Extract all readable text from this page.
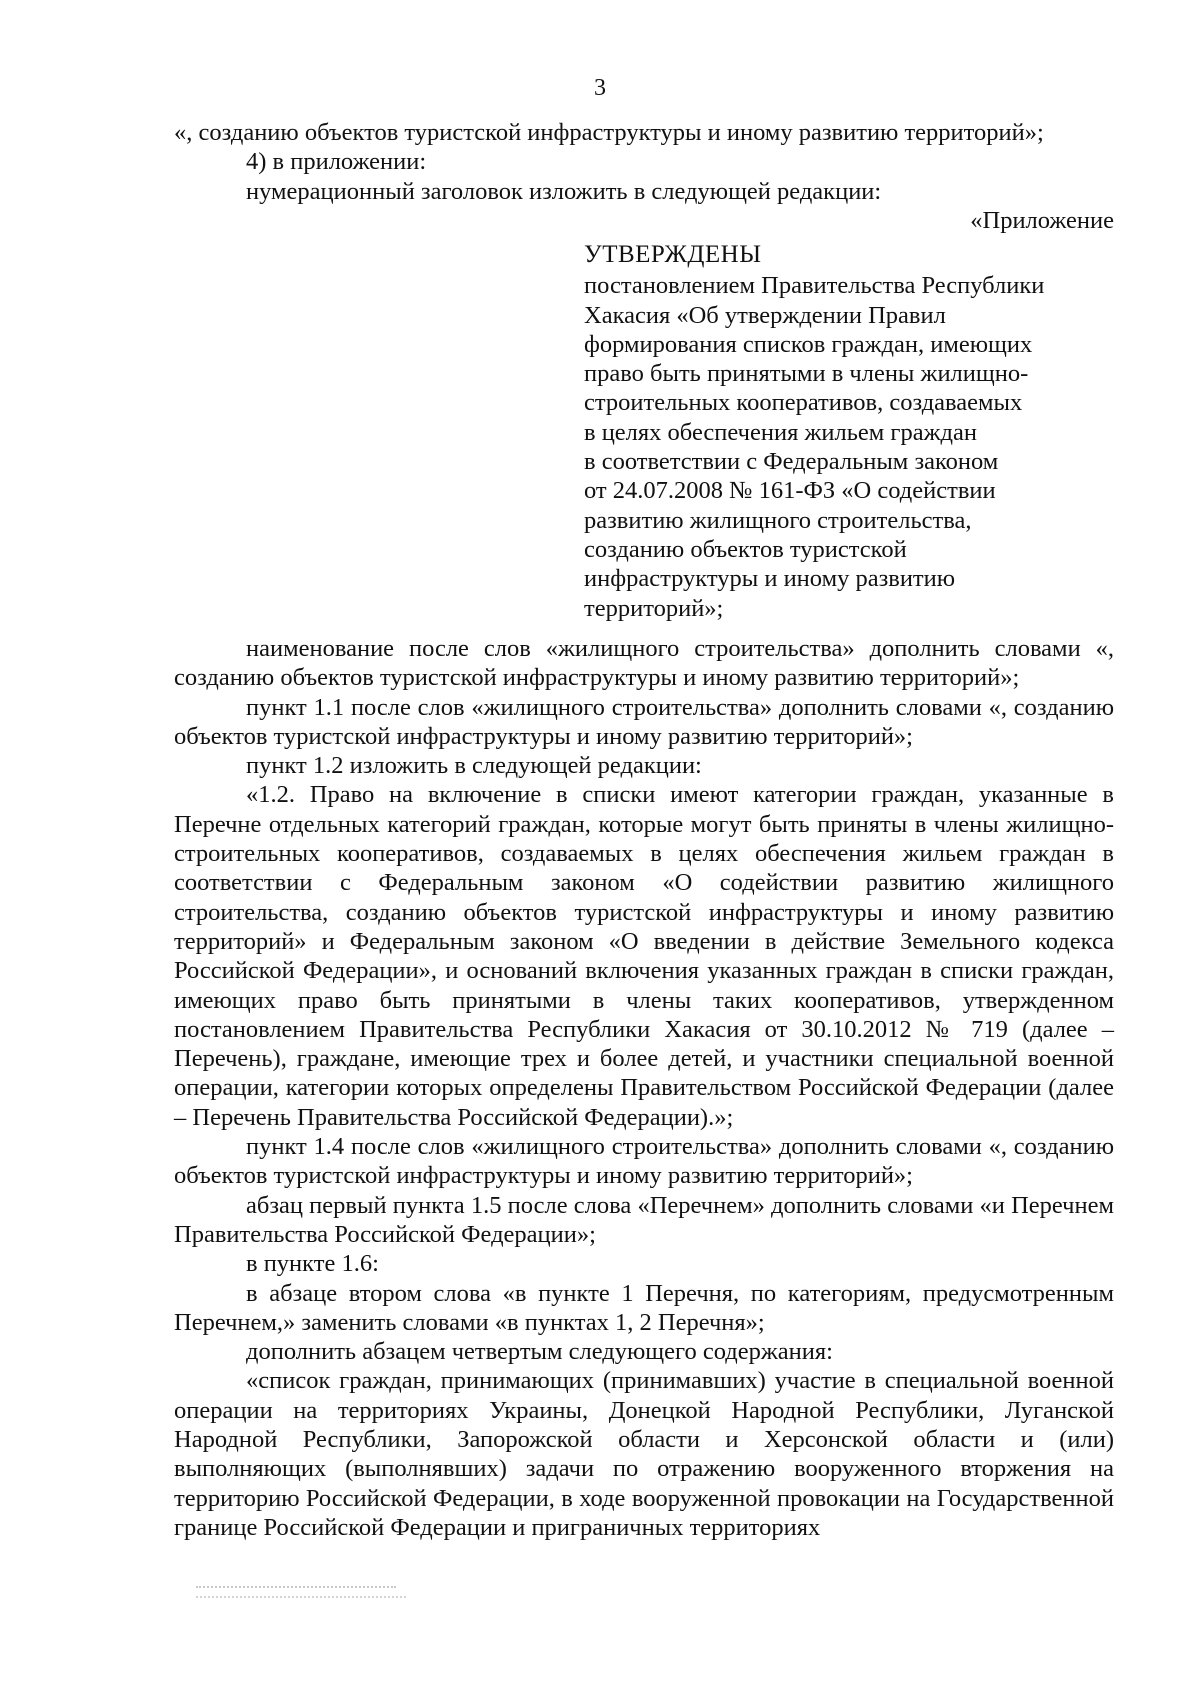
3

«, созданию объектов туристской инфраструктуры и иному развитию территорий»;

4) в приложении:

нумерационный заголовок изложить в следующей редакции:

«Приложение

УТВЕРЖДЕНЫ

постановлением Правительства Республики

Хакасия «Об утверждении Правил

формирования списков граждан, имеющих

право быть принятыми в члены жилищно-

строительных кооперативов, создаваемых

в целях обеспечения жильем граждан

в соответствии с Федеральным законом

от 24.07.2008 № 161-ФЗ «О содействии

развитию жилищного строительства,

созданию объектов туристской

инфраструктуры и иному развитию

территорий»;

наименование после слов «жилищного строительства» дополнить словами «, созданию объектов туристской инфраструктуры и иному развитию территорий»;

пункт 1.1 после слов «жилищного строительства» дополнить словами «, созданию объектов туристской инфраструктуры и иному развитию территорий»;

пункт 1.2 изложить в следующей редакции:

«1.2. Право на включение в списки имеют категории граждан, указанные в Перечне отдельных категорий граждан, которые могут быть приняты в члены жилищно-строительных кооперативов, создаваемых в целях обеспечения жильем граждан в соответствии с Федеральным законом «О содействии развитию жилищного строительства, созданию объектов туристской инфраструктуры и иному развитию территорий» и Федеральным законом «О введении в действие Земельного кодекса Российской Федерации», и оснований включения указанных граждан в списки граждан, имеющих право быть принятыми в члены таких кооперативов, утвержденном постановлением Правительства Республики Хакасия от 30.10.2012 № 719 (далее – Перечень), граждане, имеющие трех и более детей, и участники специальной военной операции, категории которых определены Правительством Российской Федерации (далее – Перечень Правительства Российской Федерации).»;

пункт 1.4 после слов «жилищного строительства» дополнить словами «, созданию объектов туристской инфраструктуры и иному развитию территорий»;

абзац первый пункта 1.5 после слова «Перечнем» дополнить словами «и Перечнем Правительства Российской Федерации»;

в пункте 1.6:

в абзаце втором слова «в пункте 1 Перечня, по категориям, предусмотренным Перечнем,» заменить словами «в пунктах 1, 2 Перечня»;

дополнить абзацем четвертым следующего содержания:

«список граждан, принимающих (принимавших) участие в специальной военной операции на территориях Украины, Донецкой Народной Республики, Луганской Народной Республики, Запорожской области и Херсонской области и (или) выполняющих (выполнявших) задачи по отражению вооруженного вторжения на территорию Российской Федерации, в ходе вооруженной провокации на Государственной границе Российской Федерации и приграничных территориях
